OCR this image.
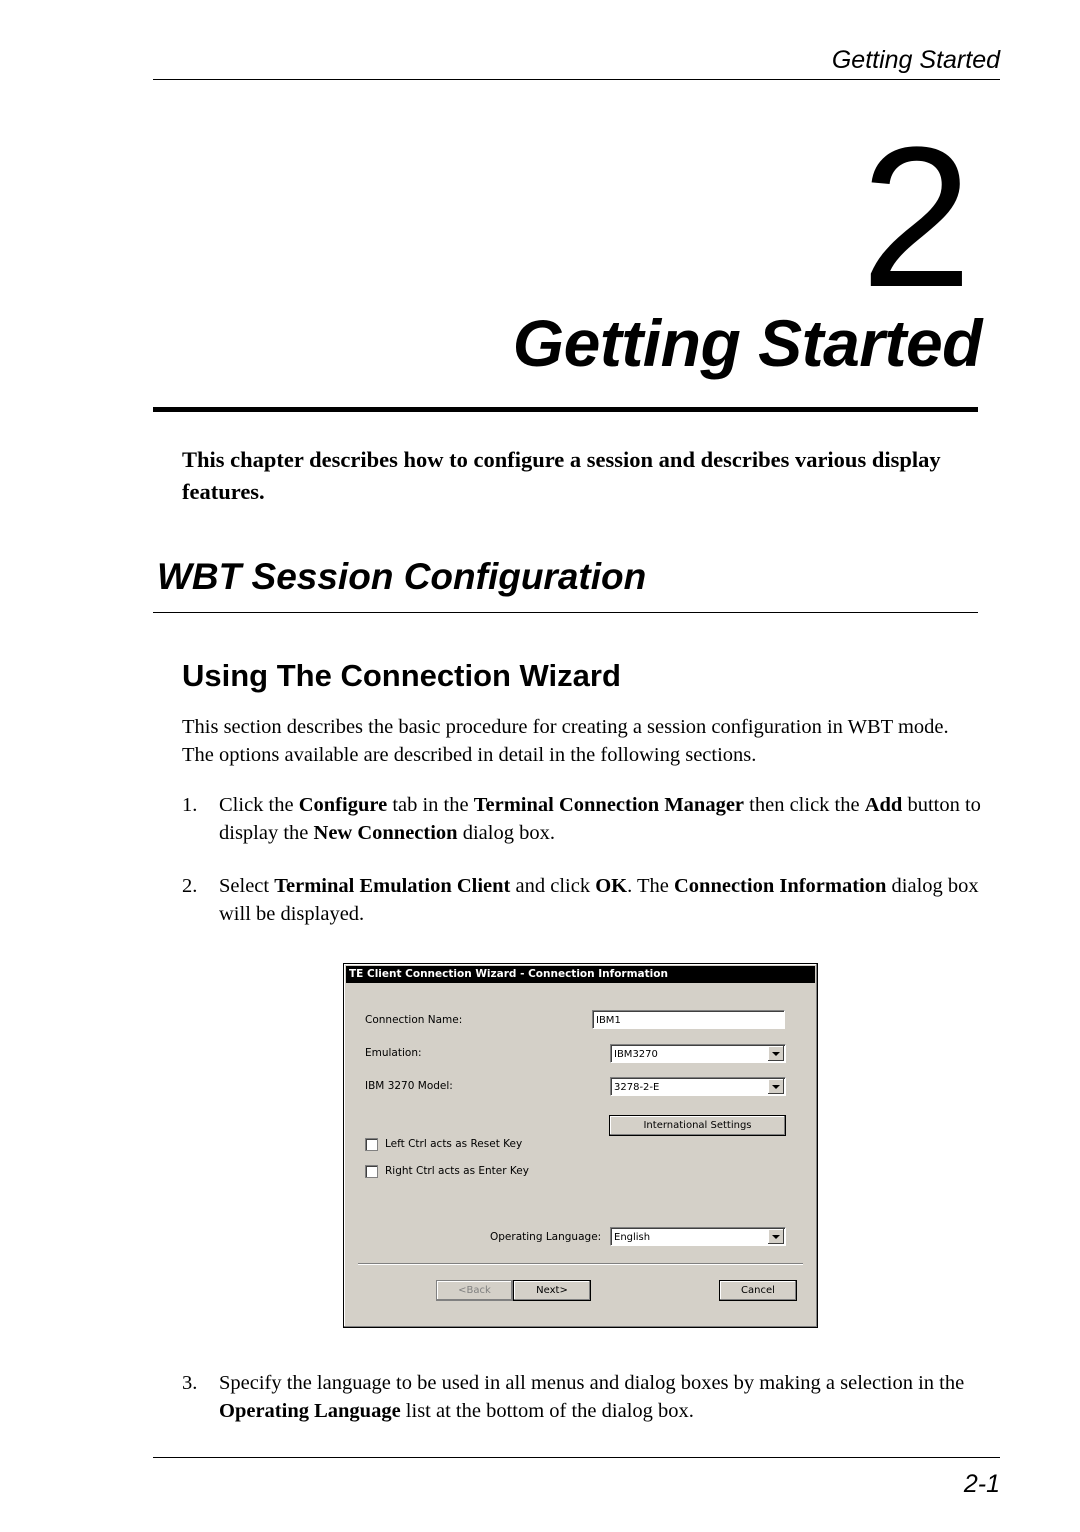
Getting Started
2
Getting Started

This chapter describes how to configure a session and describes various display features.

WBT Session Configuration
Using The Connection Wizard

This section describes the basic procedure for creating a session configuration in WBT mode. The options available are described in detail in the following sections.

1. Click the Configure tab in the Terminal Connection Manager then click the Add button to display the New Connection dialog box.

2. Select Terminal Emulation Client and click OK. The Connection Information dialog box will be displayed.

TE Client Connection Wizard - Connection Information
Connection Name:	IBM1
Emulation:	IBM3270
IBM 3270 Model:	3278-2-E
International Settings
Left Ctrl acts as Reset Key
Right Ctrl acts as Enter Key
Operating Language:	English
<Back	Next>	Cancel

3. Specify the language to be used in all menus and dialog boxes by making a selection in the Operating Language list at the bottom of the dialog box.

2-1
